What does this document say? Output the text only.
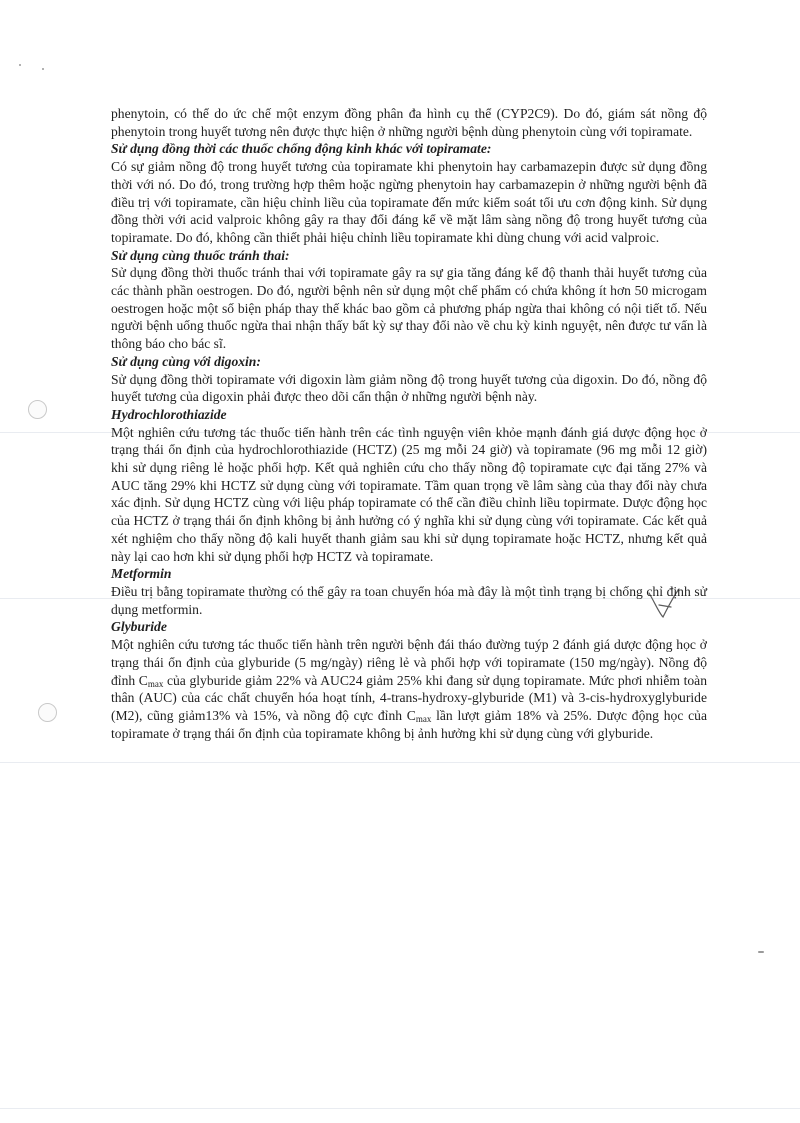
phenytoin, có thể do ức chế một enzym đồng phân đa hình cụ thể (CYP2C9). Do đó, giám sát nồng độ phenytoin trong huyết tương nên được thực hiện ở những người bệnh dùng phenytoin cùng với topiramate.

Sử dụng đồng thời các thuốc chống động kinh khác với topiramate:

Có sự giảm nồng độ trong huyết tương của topiramate khi phenytoin hay carbamazepin được sử dụng đồng thời với nó. Do đó, trong trường hợp thêm hoặc ngừng phenytoin hay carbamazepin ở những người bệnh đã điều trị với topiramate, cần hiệu chỉnh liều của topiramate đến mức kiểm soát tối ưu cơn động kinh. Sử dụng đồng thời với acid valproic không gây ra thay đổi đáng kể về mặt lâm sàng nồng độ trong huyết tương của topiramate. Do đó, không cần thiết phải hiệu chỉnh liều topiramate khi dùng chung với acid valproic.

Sử dụng cùng thuốc tránh thai:

Sử dụng đồng thời thuốc tránh thai với topiramate gây ra sự gia tăng đáng kể độ thanh thải huyết tương của các thành phần oestrogen. Do đó, người bệnh nên sử dụng một chế phẩm có chứa không ít hơn 50 microgam oestrogen hoặc một số biện pháp thay thế khác bao gồm cả phương pháp ngừa thai không có nội tiết tố. Nếu người bệnh uống thuốc ngừa thai nhận thấy bất kỳ sự thay đổi nào về chu kỳ kinh nguyệt, nên được tư vấn là thông báo cho bác sĩ.

Sử dụng cùng với digoxin:

Sử dụng đồng thời topiramate với digoxin làm giảm nồng độ trong huyết tương của digoxin. Do đó, nồng độ huyết tương của digoxin phải được theo dõi cẩn thận ở những người bệnh này.

Hydrochlorothiazide

Một nghiên cứu tương tác thuốc tiến hành trên các tình nguyện viên khỏe mạnh đánh giá dược động học ở trạng thái ổn định của hydrochlorothiazide (HCTZ) (25 mg mỗi 24 giờ) và topiramate (96 mg mỗi 12 giờ) khi sử dụng riêng lẻ hoặc phối hợp. Kết quả nghiên cứu cho thấy nồng độ topiramate cực đại tăng 27% và AUC tăng 29% khi HCTZ sử dụng cùng với topiramate. Tầm quan trọng về lâm sàng của thay đổi này chưa xác định. Sử dụng HCTZ cùng với liệu pháp topiramate có thể cần điều chỉnh liều topirmate. Dược động học của HCTZ ở trạng thái ổn định không bị ảnh hưởng có ý nghĩa khi sử dụng cùng với topiramate. Các kết quả xét nghiệm cho thấy nồng độ kali huyết thanh giảm sau khi sử dụng topiramate hoặc HCTZ, nhưng kết quả này lại cao hơn khi sử dụng phối hợp HCTZ và topiramate.

Metformin

Điều trị bằng topiramate thường có thể gây ra toan chuyển hóa mà đây là một tình trạng bị chống chỉ định sử dụng metformin.

Glyburide

Một nghiên cứu tương tác thuốc tiến hành trên người bệnh đái tháo đường tuýp 2 đánh giá dược động học ở trạng thái ổn định của glyburide (5 mg/ngày) riêng lẻ và phối hợp với topiramate (150 mg/ngày). Nồng độ đỉnh $C_{max}$ của glyburide giảm 22% và AUC24 giảm 25% khi đang sử dụng topiramate. Mức phơi nhiễm toàn thân (AUC) của các chất chuyển hóa hoạt tính, 4-trans-hydroxy-glyburide (M1) và 3-cis-hydroxyglyburide (M2), cũng giảm13% và 15%, và nồng độ cực đỉnh $C_{max}$ lần lượt giảm 18% và 25%. Dược động học của topiramate ở trạng thái ổn định của topiramate không bị ảnh hưởng khi sử dụng cùng với glyburide.
